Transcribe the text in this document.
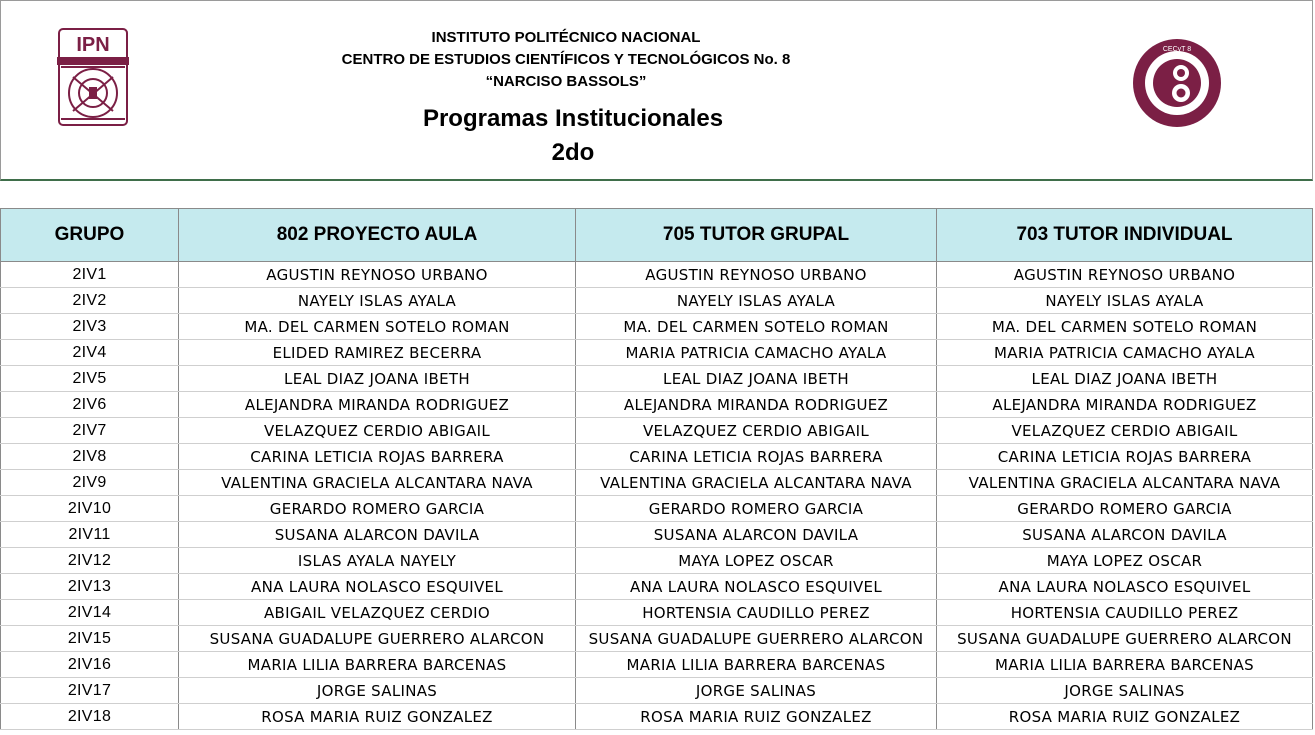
IPN	INSTITUTO POLITÉCNICO NACIONAL
CENTRO DE ESTUDIOS CIENTÍFICOS Y TECNOLÓGICOS No. 8
“NARCISO BASSOLS”
Programas Institucionales
2do
CECyT 8
GRUPO	802 PROYECTO AULA	705 TUTOR GRUPAL	703 TUTOR INDIVIDUAL
2IV1	AGUSTIN REYNOSO URBANO	AGUSTIN REYNOSO URBANO	AGUSTIN REYNOSO URBANO
2IV2	NAYELY ISLAS AYALA	NAYELY ISLAS AYALA	NAYELY ISLAS AYALA
2IV3	MA. DEL CARMEN SOTELO ROMAN	MA. DEL CARMEN SOTELO ROMAN	MA. DEL CARMEN SOTELO ROMAN
2IV4	ELIDED RAMIREZ BECERRA	MARIA PATRICIA CAMACHO AYALA	MARIA PATRICIA CAMACHO AYALA
2IV5	LEAL DIAZ JOANA IBETH	LEAL DIAZ JOANA IBETH	LEAL DIAZ JOANA IBETH
2IV6	ALEJANDRA MIRANDA RODRIGUEZ	ALEJANDRA MIRANDA RODRIGUEZ	ALEJANDRA MIRANDA RODRIGUEZ
2IV7	VELAZQUEZ CERDIO ABIGAIL	VELAZQUEZ CERDIO ABIGAIL	VELAZQUEZ CERDIO ABIGAIL
2IV8	CARINA LETICIA ROJAS BARRERA	CARINA LETICIA ROJAS BARRERA	CARINA LETICIA ROJAS BARRERA
2IV9	VALENTINA GRACIELA ALCANTARA NAVA	VALENTINA GRACIELA ALCANTARA NAVA	VALENTINA GRACIELA ALCANTARA NAVA
2IV10	GERARDO ROMERO GARCIA	GERARDO ROMERO GARCIA	GERARDO ROMERO GARCIA
2IV11	SUSANA ALARCON DAVILA	SUSANA ALARCON DAVILA	SUSANA ALARCON DAVILA
2IV12	ISLAS AYALA NAYELY	MAYA LOPEZ OSCAR	MAYA LOPEZ OSCAR
2IV13	ANA LAURA NOLASCO ESQUIVEL	ANA LAURA NOLASCO ESQUIVEL	ANA LAURA NOLASCO ESQUIVEL
2IV14	ABIGAIL VELAZQUEZ CERDIO	HORTENSIA CAUDILLO PEREZ	HORTENSIA CAUDILLO PEREZ
2IV15	SUSANA GUADALUPE GUERRERO ALARCON	SUSANA GUADALUPE GUERRERO ALARCON	SUSANA GUADALUPE GUERRERO ALARCON
2IV16	MARIA LILIA BARRERA BARCENAS	MARIA LILIA BARRERA BARCENAS	MARIA LILIA BARRERA BARCENAS
2IV17	JORGE SALINAS	JORGE SALINAS	JORGE SALINAS
2IV18	ROSA MARIA RUIZ GONZALEZ	ROSA MARIA RUIZ GONZALEZ	ROSA MARIA RUIZ GONZALEZ
